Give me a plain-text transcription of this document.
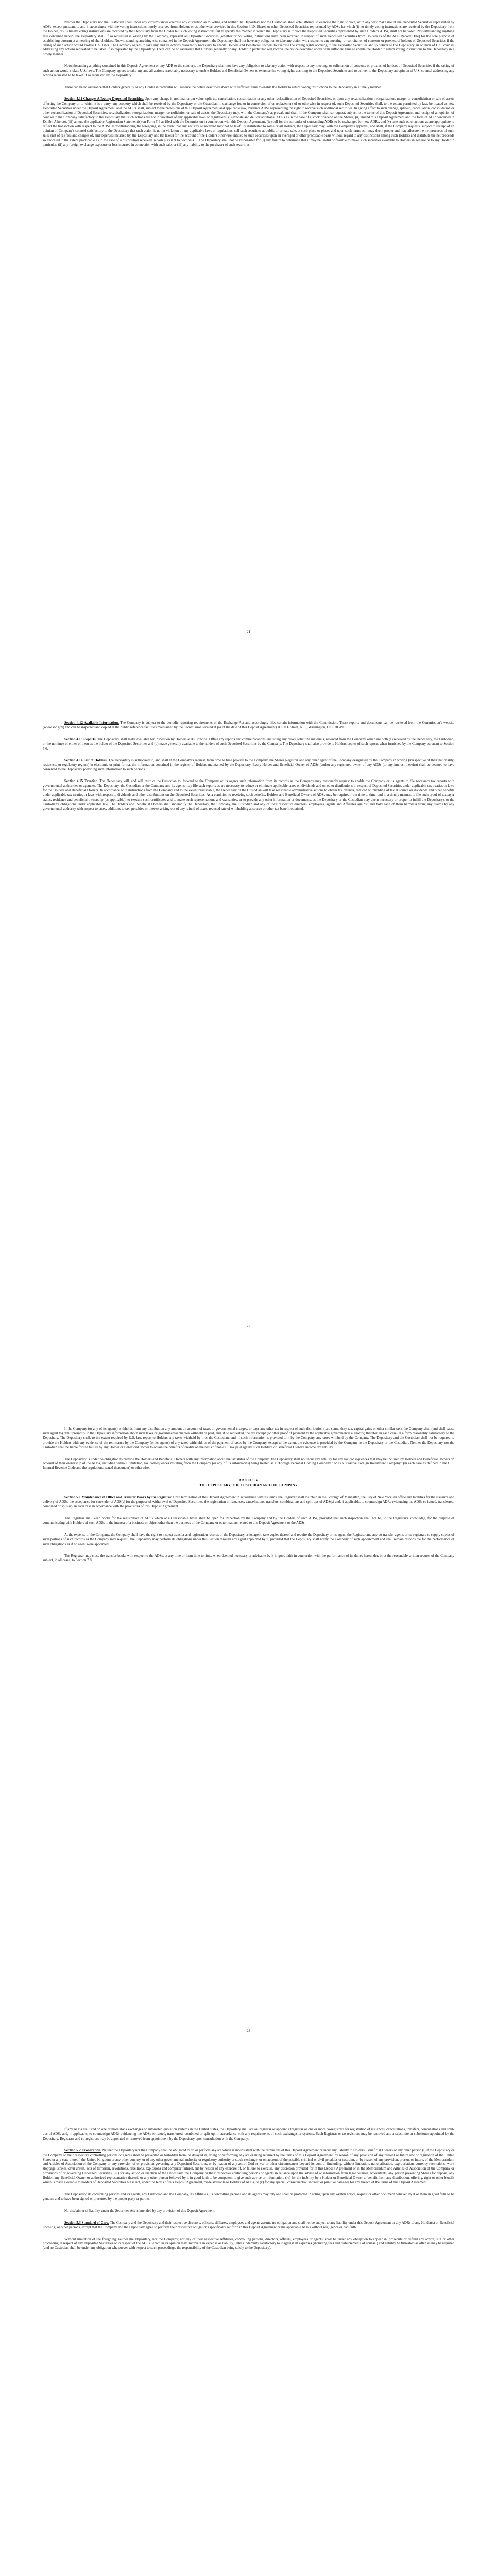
Neither the Depositary nor the Custodian shall under any circumstances exercise any discretion as to voting and neither the Depositary nor the Custodian shall vote, attempt to exercise the right to vote, or in any way make use of the Deposited Securities represented by ADSs, except pursuant to and in accordance with the voting instructions timely received from Holders or as otherwise provided in this Section 4.10. Shares or other Deposited Securities represented by ADSs for which (i) no timely voting instructions are received by the Depositary from the Holder, or (ii) timely voting instructions are received by the Depositary from the Holder but such voting instructions fail to specify the manner in which the Depositary is to vote the Deposited Securities represented by such Holder's ADSs, shall not be voted. Notwithstanding anything else contained herein, the Depositary shall, if so requested in writing by the Company, represent all Deposited Securities (whether or not voting instructions have been received in respect of such Deposited Securities from Holders as of the ADS Record Date) for the sole purpose of establishing quorum at a meeting of shareholders. Notwithstanding anything else contained in the Deposit Agreement, the Depositary shall not have any obligation to take any action with respect to any meeting, or solicitation of consents or proxies, of holders of Deposited Securities if the taking of such action would violate U.S. laws. The Company agrees to take any and all actions reasonably necessary to enable Holders and Beneficial Owners to exercise the voting rights accruing to the Deposited Securities and to deliver to the Depositary an opinion of U.S. counsel addressing any actions requested to be taken if so requested by the Depositary. There can be no assurance that Holders generally or any Holder in particular will receive the notice described above with sufficient time to enable the Holder to return voting instructions to the Depositary in a timely manner.

Notwithstanding anything contained in this Deposit Agreement or any ADR to the contrary, the Depositary shall not have any obligation to take any action with respect to any meeting, or solicitation of consents or proxies, of holders of Deposited Securities if the taking of such action would violate U.S. laws. The Company agrees to take any and all actions reasonably necessary to enable Holders and Beneficial Owners to exercise the voting rights accruing to the Deposited Securities and to deliver to the Depositary an opinion of U.S. counsel addressing any actions requested to be taken if so requested by the Depositary.

There can be no assurance that Holders generally or any Holder in particular will receive the notice described above with sufficient time to enable the Holder to return voting instructions to the Depositary in a timely manner.

Section 4.11 Changes Affecting Deposited Securities. Upon any change in nominal or par value, split-up, cancellation, consolidation or any other reclassification of Deposited Securities, or upon any recapitalization, reorganization, merger or consolidation or sale of assets affecting the Company or to which it is a party, any property which shall be received by the Depositary or the Custodian in exchange for, or in conversion of or replacement of or otherwise in respect of, such Deposited Securities shall, to the extent permitted by law, be treated as new Deposited Securities under the Deposit Agreement, and the ADRs shall, subject to the provisions of this Deposit Agreement and applicable law, evidence ADSs representing the right to receive such additional securities. In giving effect to such change, split-up, cancellation, consolidation or other reclassification of Deposited Securities, recapitalization, reorganization, merger, consolidation or sale of assets, the Depositary may, with the Company's approval, and shall, if the Company shall so request, subject to the terms of this Deposit Agreement and receipt of an opinion of counsel to the Company satisfactory to the Depositary that such actions are not in violation of any applicable laws or regulations, (i) execute and deliver additional ADRs as in the case of a stock dividend on the Shares, (ii) amend this Deposit Agreement and the form of ADR contained in Exhibit A hereto, (iii) amend the applicable Registration Statement(s) on Form F-6 as filed with the Commission in connection with this Deposit Agreement, (iv) call for the surrender of outstanding ADRs to be exchanged for new ADRs, and (v) take such other actions as are appropriate to reflect the transaction with respect to the ADSs. Notwithstanding the foregoing, in the event that any security so received may not be lawfully distributed to some or all Holders, the Depositary may, with the Company's approval, and shall, if the Company requests, subject to receipt of an opinion of Company's counsel satisfactory to the Depositary that such action is not in violation of any applicable laws or regulations, sell such securities at public or private sale, at such place or places and upon such terms as it may deem proper and may allocate the net proceeds of such sales (net of (a) fees and charges of, and expenses incurred by, the Depositary and (b) taxes) for the account of the Holders otherwise entitled to such securities upon an averaged or other practicable basis without regard to any distinctions among such Holders and distribute the net proceeds so allocated to the extent practicable as in the case of a distribution received in cash pursuant to Section 4.1. The Depositary shall not be responsible for (i) any failure to determine that it may be lawful or feasible to make such securities available to Holders in general or to any Holder in particular, (ii) any foreign exchange exposure or loss incurred in connection with such sale, or (iii) any liability to the purchaser of such securities.

21

Section 4.12 Available Information. The Company is subject to the periodic reporting requirements of the Exchange Act and accordingly files certain information with the Commission. These reports and documents can be retrieved from the Commission's website (www.sec.gov) and can be inspected and copied at the public reference facilities maintained by the Commission located at (as of the date of this Deposit Agreement) at 100 F Street, N.E., Washington, D.C. 20549.

Section 4.13 Reports. The Depositary shall make available for inspection by Holders at its Principal Office any reports and communications, including any proxy soliciting materials, received from the Company which are both (a) received by the Depositary, the Custodian, or the nominee of either of them as the holder of the Deposited Securities and (b) made generally available to the holders of such Deposited Securities by the Company. The Depositary shall also provide to Holders copies of such reports when furnished by the Company pursuant to Section 5.6.

Section 4.14 List of Holders. The Depositary is authorized to, and shall at the Company's request, from time to time provide to the Company, the Shares Registrar and any other agent of the Company designated by the Company in writing (irrespective of their nationality, residence, or regulatory regime) in electronic or print format the information contained in the register of Holders maintained by the Depositary. Every Holder and Beneficial Owner of ADSs (and/or any registered owner of any ADSs (or any interest therein)) shall be deemed to have consented to the Depositary providing such information to such persons.

Section 4.15 Taxation. The Depositary will, and will instruct the Custodian to, forward to the Company or its agents such information from its records as the Company may reasonably request to enable the Company or its agents to file necessary tax reports with governmental authorities or agencies. The Depositary, the Custodian or the Company and its agents may file such reports as are necessary to reduce or eliminate applicable taxes on dividends and on other distributions in respect of Deposited Securities under applicable tax treaties or laws for the Holders and Beneficial Owners. In accordance with instructions from the Company and to the extent practicable, the Depositary or the Custodian will take reasonable administrative actions to obtain tax refunds, reduced withholding of tax at source on dividends and other benefits under applicable tax treaties or laws with respect to dividends and other distributions on the Deposited Securities. As a condition to receiving such benefits, Holders and Beneficial Owners of ADSs may be required from time to time, and in a timely manner, to file such proof of taxpayer status, residence and beneficial ownership (as applicable), to execute such certificates and to make such representations and warranties, or to provide any other information or documents, as the Depositary or the Custodian may deem necessary or proper to fulfill the Depositary's or the Custodian's obligations under applicable law. The Holders and Beneficial Owners shall indemnify the Depositary, the Company, the Custodian and any of their respective directors, employees, agents and Affiliates against, and hold each of them harmless from, any claims by any governmental authority with respect to taxes, additions to tax, penalties or interest arising out of any refund of taxes, reduced rate of withholding at source or other tax benefit obtained.

22

If the Company (or any of its agents) withholds from any distribution any amount on account of taxes or governmental charges, or pays any other tax in respect of such distribution (i.e., stamp duty tax, capital gains or other similar tax), the Company shall (and shall cause such agent to) remit promptly to the Depositary information about such taxes or governmental charges withheld or paid, and, if so requested, the tax receipt (or other proof of payment to the applicable governmental authority) therefor, in each case, in a form reasonably satisfactory to the Depositary. The Depositary shall, to the extent required by U.S. law, report to Holders any taxes withheld by it or the Custodian, and, if such information is provided to it by the Company, any taxes withheld by the Company. The Depositary and the Custodian shall not be required to provide the Holders with any evidence of the remittance by the Company (or its agents) of any taxes withheld, or of the payment of taxes by the Company, except to the extent the evidence is provided by the Company to the Depositary or the Custodian. Neither the Depositary nor the Custodian shall be liable for the failure by any Holder or Beneficial Owner to obtain the benefits of credits on the basis of non-U.S. tax paid against such Holder's or Beneficial Owner's income tax liability.

The Depositary is under no obligation to provide the Holders and Beneficial Owners with any information about the tax status of the Company. The Depositary shall not incur any liability for any tax consequences that may be incurred by Holders and Beneficial Owners on account of their ownership of the ADSs, including without limitation, tax consequences resulting from the Company (or any of its subsidiaries) being treated as a "Foreign Personal Holding Company," or as a "Passive Foreign Investment Company" (in each case as defined in the U.S. Internal Revenue Code and the regulations issued thereunder) or otherwise.

ARTICLE V

THE DEPOSITARY, THE CUSTODIAN AND THE COMPANY

Section 5.1 Maintenance of Office and Transfer Books by the Registrar. Until termination of this Deposit Agreement in accordance with its terms, the Registrar shall maintain in the Borough of Manhattan, the City of New York, an office and facilities for the issuance and delivery of ADSs, the acceptance for surrender of ADS(s) for the purpose of withdrawal of Deposited Securities, the registration of issuances, cancellations, transfers, combinations and split-ups of ADS(s) and, if applicable, to countersign ADRs evidencing the ADSs so issued, transferred, combined or split-up, in each case in accordance with the provisions of this Deposit Agreement.

The Registrar shall keep books for the registration of ADSs which at all reasonable times shall be open for inspection by the Company and by the Holders of such ADSs, provided that such inspection shall not be, to the Registrar's knowledge, for the purpose of communicating with Holders of such ADSs in the interest of a business or object other than the business of the Company or other matters related to this Deposit Agreement or the ADSs.

At the expense of the Company, the Company shall have the right to inspect transfer and registration records of the Depositary or its agent, take copies thereof and require the Depositary or its agent, the Registrar and any co-transfer agents or co-registrars to supply copies of such portions of such records as the Company may request. The Depositary may perform its obligations under this Section through any agent appointed by it, provided that the Depositary shall notify the Company of such appointment and shall remain responsible for the performance of such obligations as if no agent were appointed.

The Registrar may close the transfer books with respect to the ADSs, at any time or from time to time, when deemed necessary or advisable by it in good faith in connection with the performance of its duties hereunder, or at the reasonable written request of the Company subject, in all cases, to Section 7.8.

23

If any ADSs are listed on one or more stock exchanges or automated quotation systems in the United States, the Depositary shall act as Registrar or appoint a Registrar or one or more co-registrars for registration of issuances, cancellations, transfers, combinations and split-ups of ADSs and, if applicable, to countersign ADRs evidencing the ADSs so issued, transferred, combined or split-up, in accordance with any requirements of such exchanges or systems. Such Registrar or co-registrars may be removed and a substitute or substitutes appointed by the Depositary. Registrars and co-registrars may be appointed or removed from appointment by the Depositary upon consultation with the Company.

Section 5.2 Exoneration. Neither the Depositary nor the Company shall be obligated to do or perform any act which is inconsistent with the provisions of this Deposit Agreement or incur any liability to Holders, Beneficial Owners or any other person (i) if the Depositary or the Company or their respective controlling persons or agents shall be prevented or forbidden from, or delayed in, doing or performing any act or thing required by the terms of this Deposit Agreement, by reason of any provision of any present or future law or regulation of the United States or any state thereof, the United Kingdom or any other country, or of any other governmental authority or regulatory authority or stock exchange, or on account of the possible criminal or civil penalties or restraint, or by reason of any provision, present or future, of the Memorandum and Articles of Association of the Company or any provision of or provision governing any Deposited Securities, or by reason of any act of God or war or other circumstances beyond its control (including, without limitation, nationalization, expropriation, currency restrictions, work stoppage, strikes, civil unrest, acts of terrorism, revolutions, rebellions, explosions and computer failure), (ii) by reason of any exercise of, or failure to exercise, any discretion provided for in this Deposit Agreement or in the Memorandum and Articles of Association of the Company or provisions of or governing Deposited Securities, (iii) for any action or inaction of the Depositary, the Company or their respective controlling persons or agents in reliance upon the advice of or information from legal counsel, accountants, any person presenting Shares for deposit, any Holder, any Beneficial Owner or authorized representative thereof, or any other person believed by it in good faith to be competent to give such advice or information, (iv) for the inability by a Holder or Beneficial Owner to benefit from any distribution, offering, right or other benefit which is made available to holders of Deposited Securities but is not, under the terms of this Deposit Agreement, made available to Holders of ADSs, or (v) for any special, consequential, indirect or punitive damages for any breach of the terms of this Deposit Agreement.

The Depositary, its controlling persons and its agents, any Custodian and the Company, its Affiliates, its controlling persons and its agents may rely and shall be protected in acting upon any written notice, request or other document believed by it or them in good faith to be genuine and to have been signed or presented by the proper party or parties.

No disclaimer of liability under the Securities Act is intended by any provision of this Deposit Agreement.

Section 5.3 Standard of Care. The Company and the Depositary and their respective directors, officers, affiliates, employees and agents assume no obligation and shall not be subject to any liability under this Deposit Agreement or any ADRs to any Holder(s) or Beneficial Owner(s) or other persons, except that the Company and the Depositary agree to perform their respective obligations specifically set forth in this Deposit Agreement or the applicable ADRs without negligence or bad faith.

Without limitation of the foregoing, neither the Depositary, nor the Company, nor any of their respective Affiliates, controlling persons, directors, officers, employees or agents, shall be under any obligation to appear in, prosecute or defend any action, suit or other proceeding in respect of any Deposited Securities or in respect of the ADSs, which in its opinion may involve it in expense or liability, unless indemnity satisfactory to it against all expenses (including fees and disbursements of counsel) and liability be furnished as often as may be required (and no Custodian shall be under any obligation whatsoever with respect to such proceedings, the responsibility of the Custodian being solely to the Depositary).
